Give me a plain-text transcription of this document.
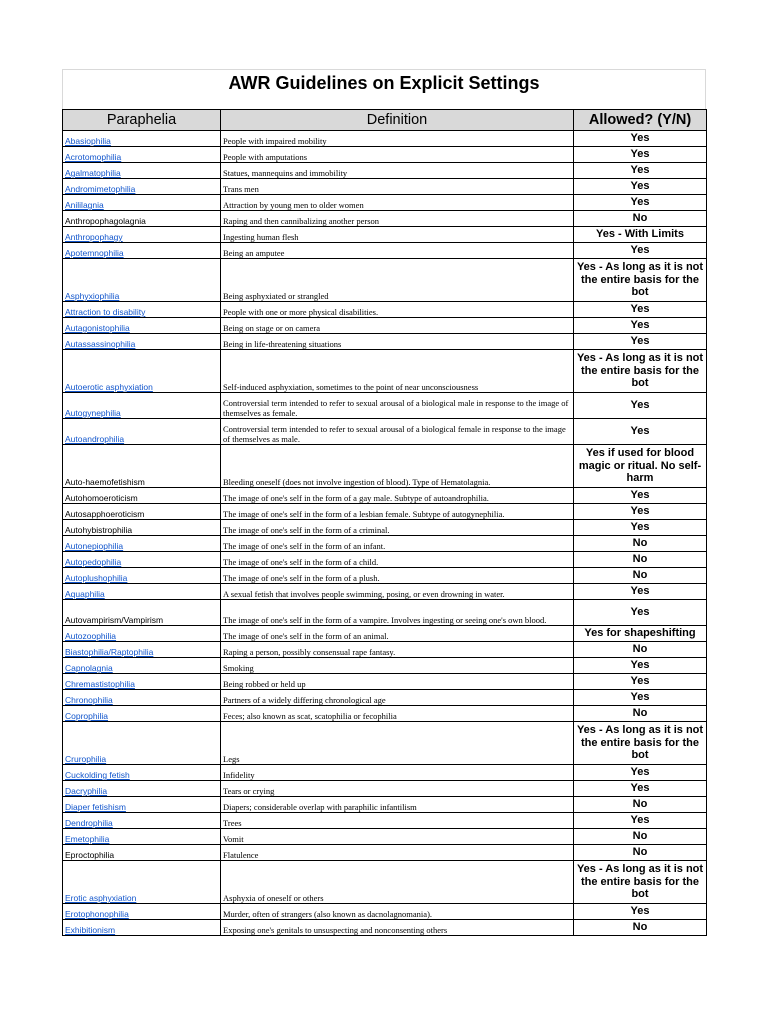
AWR Guidelines on Explicit Settings
Paraphelia	Definition	Allowed? (Y/N)
Abasiophilia	People with impaired mobility	Yes
Acrotomophilia	People with amputations	Yes
Agalmatophilia	Statues, mannequins and immobility	Yes
Andromimetophilia	Trans men	Yes
Anililagnia	Attraction by young men to older women	Yes
Anthropophagolagnia	Raping and then cannibalizing another person	No
Anthropophagy	Ingesting human flesh	Yes - With Limits
Apotemnophilia	Being an amputee	Yes
Asphyxiophilia	Being asphyxiated or strangled	Yes - As long as it is not the entire basis for the bot
Attraction to disability	People with one or more physical disabilities.	Yes
Autagonistophilia	Being on stage or on camera	Yes
Autassassinophilia	Being in life-threatening situations	Yes
Autoerotic asphyxiation	Self-induced asphyxiation, sometimes to the point of near unconsciousness	Yes - As long as it is not the entire basis for the bot
Autogynephilia	Controversial term intended to refer to sexual arousal of a biological male in response to the image of themselves as female.	Yes
Autoandrophilia	Controversial term intended to refer to sexual arousal of a biological female in response to the image of themselves as male.	Yes
Auto-haemofetishism	Bleeding oneself (does not involve ingestion of blood). Type of Hematolagnia.	Yes if used for blood magic or ritual. No self-harm
Autohomoeroticism	The image of one's self in the form of a gay male. Subtype of autoandrophilia.	Yes
Autosapphoeroticism	The image of one's self in the form of a lesbian female. Subtype of autogynephilia.	Yes
Autohybistrophilia	The image of one's self in the form of a criminal.	Yes
Autonepiophilia	The image of one's self in the form of an infant.	No
Autopedophilia	The image of one's self in the form of a child.	No
Autoplushophilia	The image of one's self in the form of a plush.	No
Aquaphilia	A sexual fetish that involves people swimming, posing, or even drowning in water.	Yes
Autovampirism/Vampirism	The image of one's self in the form of a vampire. Involves ingesting or seeing one's own blood.	Yes
Autozoophilia	The image of one's self in the form of an animal.	Yes for shapeshifting
Biastophilia/Raptophilia	Raping a person, possibly consensual rape fantasy.	No
Capnolagnia	Smoking	Yes
Chremastistophilia	Being robbed or held up	Yes
Chronophilia	Partners of a widely differing chronological age	Yes
Coprophilia	Feces; also known as scat, scatophilia or fecophilia	No
Crurophilia	Legs	Yes - As long as it is not the entire basis for the bot
Cuckolding fetish	Infidelity	Yes
Dacryphilia	Tears or crying	Yes
Diaper fetishism	Diapers; considerable overlap with paraphilic infantilism	No
Dendrophilia	Trees	Yes
Emetophilia	Vomit	No
Eproctophilia	Flatulence	No
Erotic asphyxiation	Asphyxia of oneself or others	Yes - As long as it is not the entire basis for the bot
Erotophonophilia	Murder, often of strangers (also known as dacnolagnomania).	Yes
Exhibitionism	Exposing one's genitals to unsuspecting and nonconsenting others	No
